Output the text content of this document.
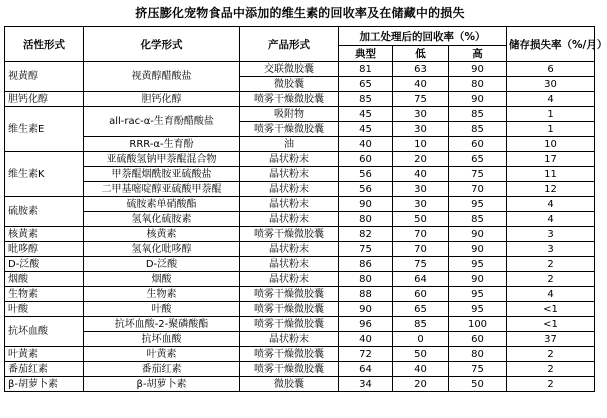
挤压膨化宠物食品中添加的维生素的回收率及在储藏中的损失
活性形式	化学形式	产品形式	加工处理后的回收率（%）			储存损失率（%/月）
			典型	低	高	
视黄醇	视黄醇醋酸盐	交联微胶囊	81	63	90	6
		微胶囊	65	40	80	30
胆钙化醇	胆钙化醇	喷雾干燥微胶囊	85	75	90	4
维生素E	all-rac-α-生育酚醋酸盐	吸附物	45	30	85	1
		喷雾干燥微胶囊	45	30	85	1
	RRR-α-生育酚	油	40	10	60	10
维生素K	亚硫酸氢钠甲萘醌混合物	晶状粉末	60	20	65	17
	甲萘醌烟酰胺亚硫酸盐	晶状粉末	56	40	75	11
	二甲基嘧啶醇亚硫酸甲萘醌	晶状粉末	56	30	70	12
硫胺素	硫胺素单硝酸酯	晶状粉末	90	30	95	4
	氢氧化硫胺素	晶状粉末	80	50	85	4
核黄素	核黄素	喷雾干燥微胶囊	82	70	90	3
吡哆醇	氢氧化吡哆醇	晶状粉末	75	70	90	3
D-泛酸	D-泛酸	晶状粉末	86	75	95	2
烟酸	烟酸	晶状粉末	80	64	90	2
生物素	生物素	喷雾干燥微胶囊	88	60	95	4
叶酸	叶酸	喷雾干燥微胶囊	90	65	95	<1
抗坏血酸	抗坏血酸-2-聚磷酸酯	喷雾干燥微胶囊	96	85	100	<1
	抗坏血酸	晶状粉末	40	0	60	37
叶黄素	叶黄素	喷雾干燥微胶囊	72	50	80	2
番茄红素	番茄红素	喷雾干燥微胶囊	64	40	75	2
β-胡萝卜素	β-胡萝卜素	微胶囊	34	20	50	2
